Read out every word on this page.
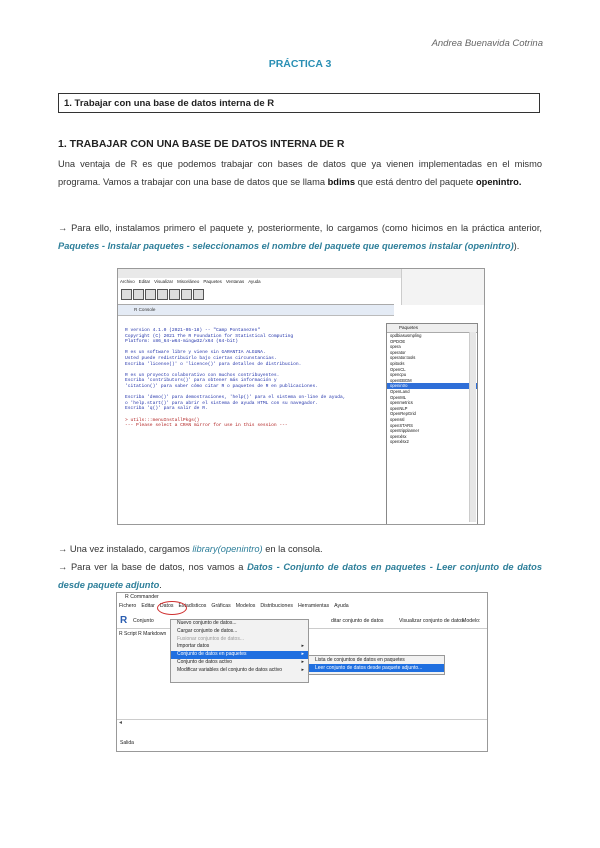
Andrea Buenavida Cotrina
PRÁCTICA 3
1. Trabajar con una base de datos interna de R
1. TRABAJAR CON UNA BASE DE DATOS INTERNA DE R
Una ventaja de R es que podemos trabajar con bases de datos que ya vienen implementadas en el mismo programa. Vamos a trabajar con una base de datos que se llama bdims que está dentro del paquete openintro.
→ Para ello, instalamos primero el paquete y, posteriormente, lo cargamos (como hicimos en la práctica anterior, Paquetes - Instalar paquetes - seleccionamos el nombre del paquete que queremos instalar (openintro)).
Archivo Editar Visualizar Misceláneo Paquetes Ventanas Ayuda
R Console
R version 4.1.0 (2021-05-18) -- "Camp Pontanezen"
Copyright (C) 2021 The R Foundation for Statistical Computing
Platform: x86_64-w64-mingw32/x64 (64-bit)
R es un software libre y viene sin GARANTIA ALGUNA.
Usted puede redistribuirlo bajo ciertas circunstancias.
Escriba 'license()' o 'licence()' para detalles de distribucion.
R es un proyecto colaborativo con muchos contribuyentes.
Escriba 'contributors()' para obtener más información y
'citation()' para saber cómo citar R o paquetes de R en publicaciones.
Escriba 'demo()' para demostraciones, 'help()' para el sistema on-line de ayuda,
o 'help.start()' para abrir el sistema de ayuda HTML con su navegador.
Escriba 'q()' para salir de R.
> utils:::menuInstallPkgs()
--- Please select a CRAN mirror for use in this session ---
Paquetes
opdbiasusmpling
OPDOE
opera
operator
operator.tools
opitools
OpenCL
opencpu
openEBGM
openintro
OpenLand
OpenML
openmetrics
openNLP
OpenRepGrid
openssl
openSTARS
opentripplanner
openxlsx
openxlsx2
→ Una vez instalado, cargamos library(openintro) en la consola.
→ Para ver la base de datos, nos vamos a Datos - Conjunto de datos en paquetes - Leer conjunto de datos desde paquete adjunto.
R Commander
Fichero Editar Datos Estadísticos Gráficas Modelos Distribuciones Herramientas Ayuda
R Conjunto	ditar conjunto de datos	Visualizar conjunto de datos
Modelo:
R Script R Markdown
Nuevo conjunto de datos...
Cargar conjunto de datos...
Fusionar conjuntos de datos...
Importar datos	▸
Conjunto de datos en paquetes	▸
Conjunto de datos activo	▸
Modificar variables del conjunto de datos activo	▸
Lista de conjuntos de datos en paquetes
Leer conjunto de datos desde paquete adjunto...
◂
Salida
